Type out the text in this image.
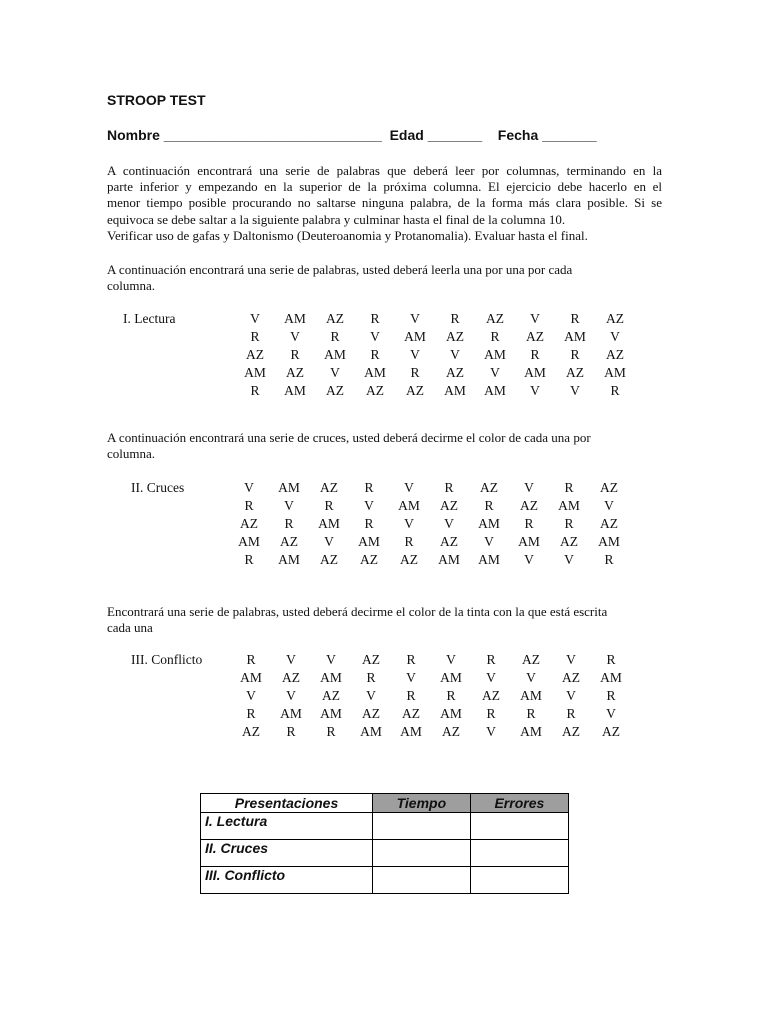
STROOP TEST
Nombre ____________________________ Edad _______ Fecha _______

A continuación encontrará una serie de palabras que deberá leer por columnas, terminando en la

parte inferior y empezando en la superior de la próxima columna. El ejercicio debe hacerlo en el

menor tiempo posible procurando no saltarse ninguna palabra, de la forma más clara posible. Si se

equivoca se debe saltar a la siguiente palabra y culminar hasta el final de la columna 10.

Verificar uso de gafas y Daltonismo (Deuteroanomia y Protanomalia). Evaluar hasta el final.

A continuación encontrará una serie de palabras, usted deberá leerla una por una por cada

columna.

I. Lectura	V	AM	AZ	R	V	R	AZ	V	R	AZ
R	V	R	V	AM	AZ	R	AZ	AM	V
AZ	R	AM	R	V	V	AM	R	R	AZ
AM	AZ	V	AM	R	AZ	V	AM	AZ	AM
R	AM	AZ	AZ	AZ	AM	AM	V	V	R

A continuación encontrará una serie de cruces, usted deberá decirme el color de cada una por

columna.

II. Cruces	V	AM	AZ	R	V	R	AZ	V	R	AZ
R	V	R	V	AM	AZ	R	AZ	AM	V
AZ	R	AM	R	V	V	AM	R	R	AZ
AM	AZ	V	AM	R	AZ	V	AM	AZ	AM
R	AM	AZ	AZ	AZ	AM	AM	V	V	R

Encontrará una serie de palabras, usted deberá decirme el color de la tinta con la que está escrita

cada una

III. Conflicto	R	V	V	AZ	R	V	R	AZ	V	R
AM	AZ	AM	R	V	AM	V	V	AZ	AM
V	V	AZ	V	R	R	AZ	AM	V	R
R	AM	AM	AZ	AZ	AM	R	R	R	V
AZ	R	R	AM	AM	AZ	V	AM	AZ	AZ
Presentaciones	Tiempo	Errores
I. Lectura		
II. Cruces		
III. Conflicto		
